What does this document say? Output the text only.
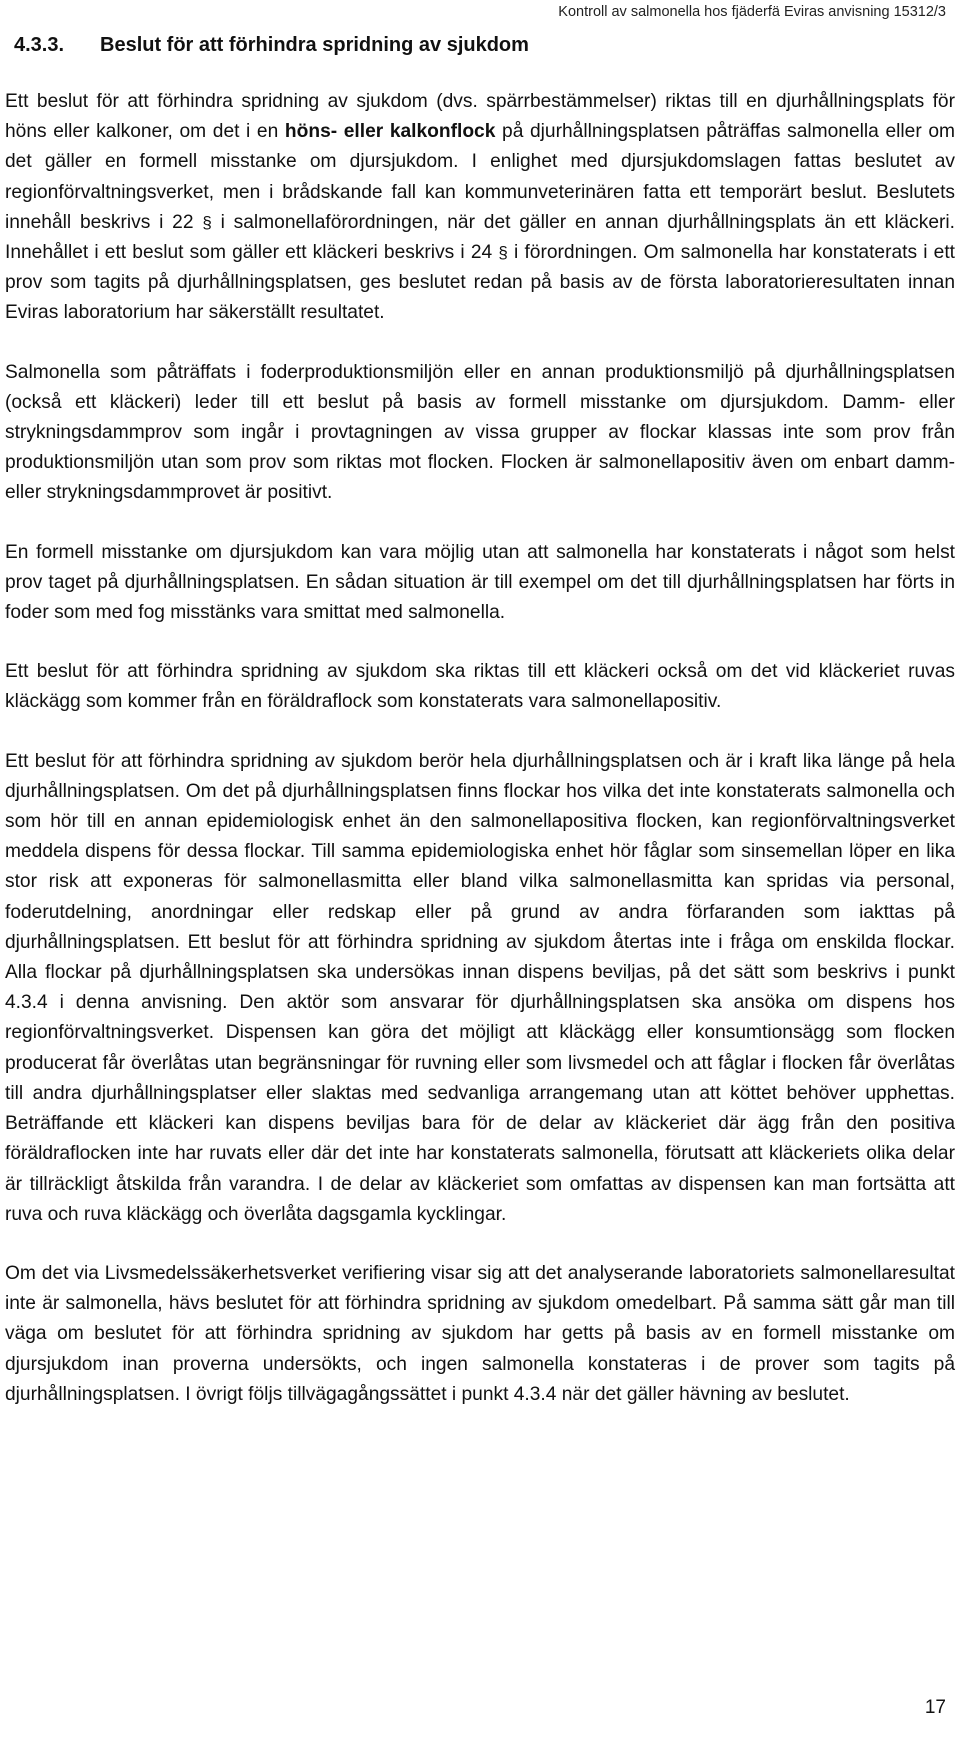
Kontroll av salmonella hos fjäderfä Eviras anvisning 15312/3
4.3.3. Beslut för att förhindra spridning av sjukdom

Ett beslut för att förhindra spridning av sjukdom (dvs. spärrbestämmelser) riktas till en djurhållningsplats för höns eller kalkoner, om det i en höns- eller kalkonflock på djurhållningsplatsen påträffas salmonella eller om det gäller en formell misstanke om djursjukdom. I enlighet med djursjukdomslagen fattas beslutet av regionförvaltningsverket, men i brådskande fall kan kommunveterinären fatta ett temporärt beslut. Beslutets innehåll beskrivs i 22 § i salmonellaförordningen, när det gäller en annan djurhållningsplats än ett kläckeri. Innehållet i ett beslut som gäller ett kläckeri beskrivs i 24 § i förordningen. Om salmonella har konstaterats i ett prov som tagits på djurhållningsplatsen, ges beslutet redan på basis av de första laboratorieresultaten innan Eviras laboratorium har säkerställt resultatet.

Salmonella som påträffats i foderproduktionsmiljön eller en annan produktionsmiljö på djurhållningsplatsen (också ett kläckeri) leder till ett beslut på basis av formell misstanke om djursjukdom. Damm- eller strykningsdammprov som ingår i provtagningen av vissa grupper av flockar klassas inte som prov från produktionsmiljön utan som prov som riktas mot flocken. Flocken är salmonellapositiv även om enbart damm- eller strykningsdammprovet är positivt.

En formell misstanke om djursjukdom kan vara möjlig utan att salmonella har konstaterats i något som helst prov taget på djurhållningsplatsen. En sådan situation är till exempel om det till djurhållningsplatsen har förts in foder som med fog misstänks vara smittat med salmonella.

Ett beslut för att förhindra spridning av sjukdom ska riktas till ett kläckeri också om det vid kläckeriet ruvas kläckägg som kommer från en föräldraflock som konstaterats vara salmonellapositiv.

Ett beslut för att förhindra spridning av sjukdom berör hela djurhållningsplatsen och är i kraft lika länge på hela djurhållningsplatsen. Om det på djurhållningsplatsen finns flockar hos vilka det inte konstaterats salmonella och som hör till en annan epidemiologisk enhet än den salmonellapositiva flocken, kan regionförvaltningsverket meddela dispens för dessa flockar. Till samma epidemiologiska enhet hör fåglar som sinsemellan löper en lika stor risk att exponeras för salmonellasmitta eller bland vilka salmonellasmitta kan spridas via personal, foderutdelning, anordningar eller redskap eller på grund av andra förfaranden som iakttas på djurhållningsplatsen. Ett beslut för att förhindra spridning av sjukdom återtas inte i fråga om enskilda flockar. Alla flockar på djurhållningsplatsen ska undersökas innan dispens beviljas, på det sätt som beskrivs i punkt 4.3.4 i denna anvisning. Den aktör som ansvarar för djurhållningsplatsen ska ansöka om dispens hos regionförvaltningsverket. Dispensen kan göra det möjligt att kläckägg eller konsumtionsägg som flocken producerat får överlåtas utan begränsningar för ruvning eller som livsmedel och att fåglar i flocken får överlåtas till andra djurhållningsplatser eller slaktas med sedvanliga arrangemang utan att köttet behöver upphettas. Beträffande ett kläckeri kan dispens beviljas bara för de delar av kläckeriet där ägg från den positiva föräldraflocken inte har ruvats eller där det inte har konstaterats salmonella, förutsatt att kläckeriets olika delar är tillräckligt åtskilda från varandra. I de delar av kläckeriet som omfattas av dispensen kan man fortsätta att ruva och ruva kläckägg och överlåta dagsgamla kycklingar.

Om det via Livsmedelssäkerhetsverket verifiering visar sig att det analyserande laboratoriets salmonellaresultat inte är salmonella, hävs beslutet för att förhindra spridning av sjukdom omedelbart. På samma sätt går man till väga om beslutet för att förhindra spridning av sjukdom har getts på basis av en formell misstanke om djursjukdom inan proverna undersökts, och ingen salmonella konstateras i de prover som tagits på djurhållningsplatsen. I övrigt följs tillvägagångssättet i punkt 4.3.4 när det gäller hävning av beslutet.

17
